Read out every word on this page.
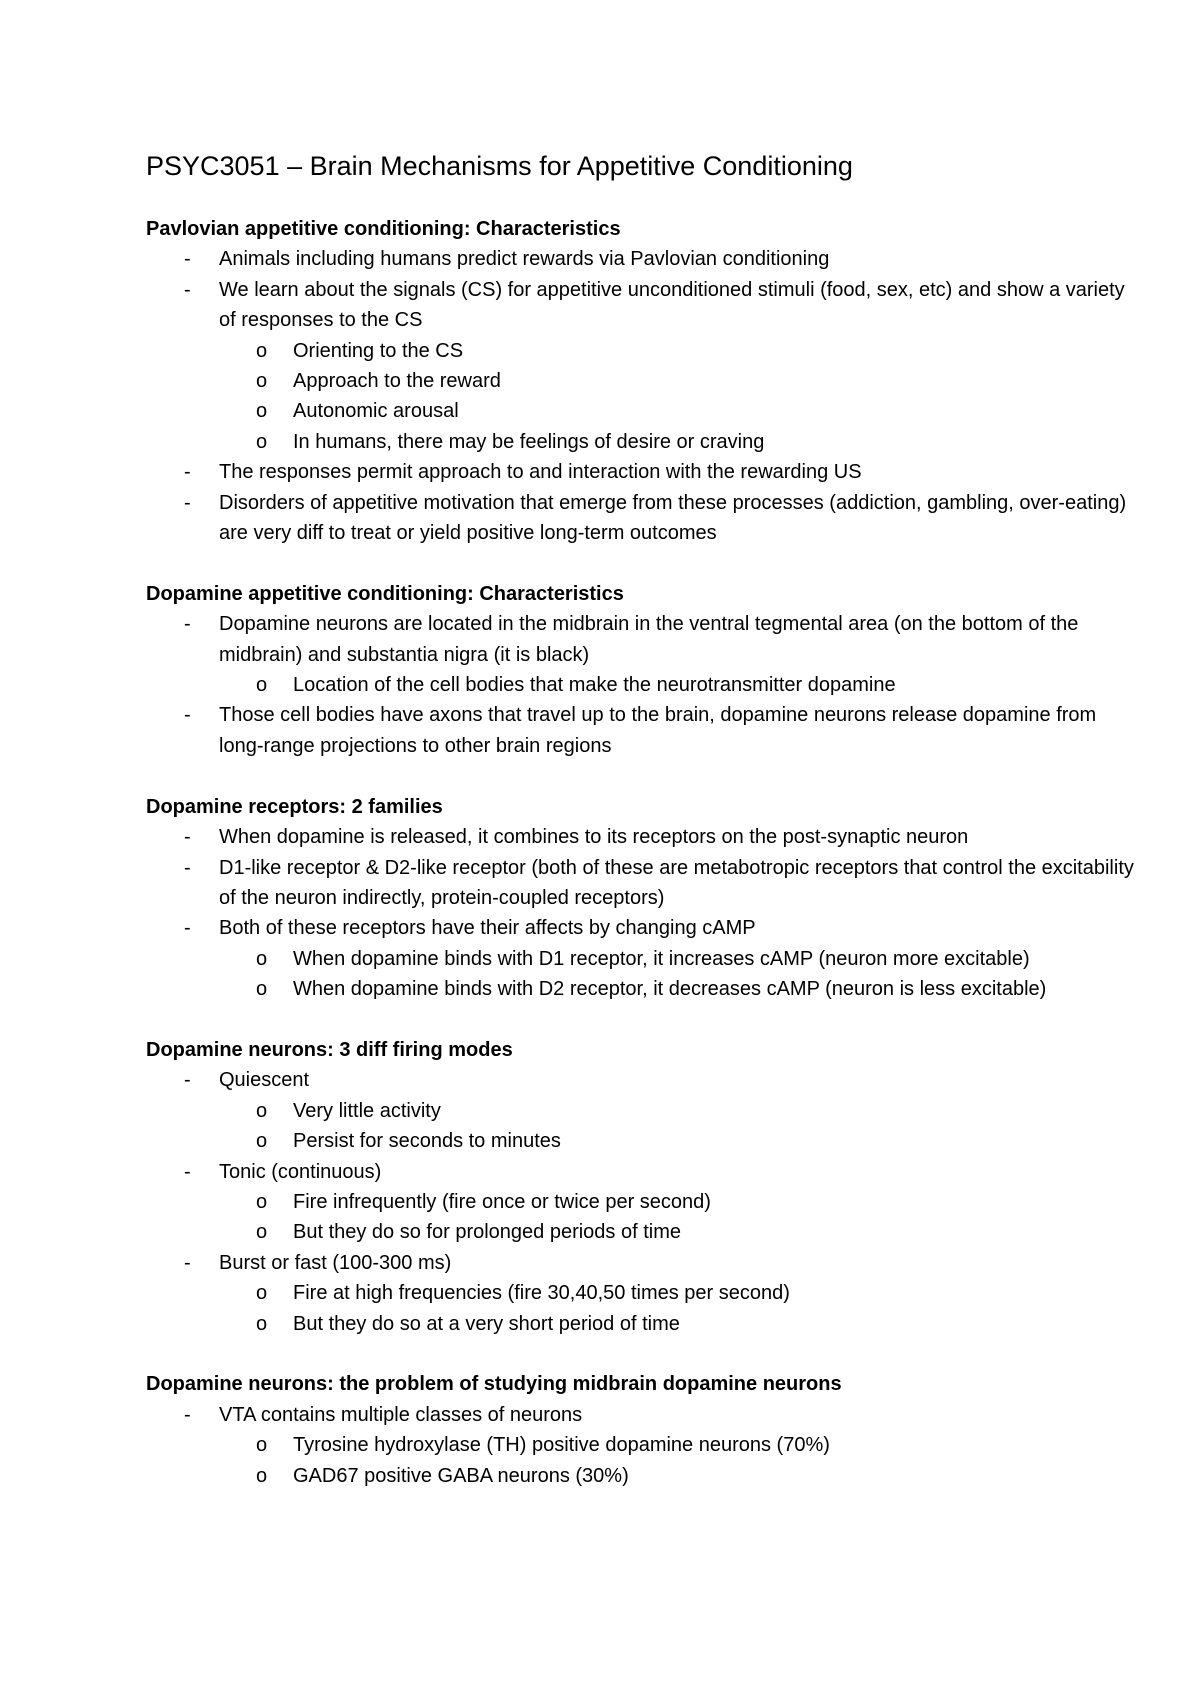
PSYC3051 – Brain Mechanisms for Appetitive Conditioning
Pavlovian appetitive conditioning: Characteristics
- Animals including humans predict rewards via Pavlovian conditioning
- We learn about the signals (CS) for appetitive unconditioned stimuli (food, sex, etc) and show a variety of responses to the CS
o Orienting to the CS
o Approach to the reward
o Autonomic arousal
o In humans, there may be feelings of desire or craving
- The responses permit approach to and interaction with the rewarding US
- Disorders of appetitive motivation that emerge from these processes (addiction, gambling, over-eating) are very diff to treat or yield positive long-term outcomes
Dopamine appetitive conditioning: Characteristics
- Dopamine neurons are located in the midbrain in the ventral tegmental area (on the bottom of the midbrain) and substantia nigra (it is black)
o Location of the cell bodies that make the neurotransmitter dopamine
- Those cell bodies have axons that travel up to the brain, dopamine neurons release dopamine from long-range projections to other brain regions
Dopamine receptors: 2 families
- When dopamine is released, it combines to its receptors on the post-synaptic neuron
- D1-like receptor & D2-like receptor (both of these are metabotropic receptors that control the excitability of the neuron indirectly, protein-coupled receptors)
- Both of these receptors have their affects by changing cAMP
o When dopamine binds with D1 receptor, it increases cAMP (neuron more excitable)
o When dopamine binds with D2 receptor, it decreases cAMP (neuron is less excitable)
Dopamine neurons: 3 diff firing modes
- Quiescent
o Very little activity
o Persist for seconds to minutes
- Tonic (continuous)
o Fire infrequently (fire once or twice per second)
o But they do so for prolonged periods of time
- Burst or fast (100-300 ms)
o Fire at high frequencies (fire 30,40,50 times per second)
o But they do so at a very short period of time
Dopamine neurons: the problem of studying midbrain dopamine neurons
- VTA contains multiple classes of neurons
o Tyrosine hydroxylase (TH) positive dopamine neurons (70%)
o GAD67 positive GABA neurons (30%)
